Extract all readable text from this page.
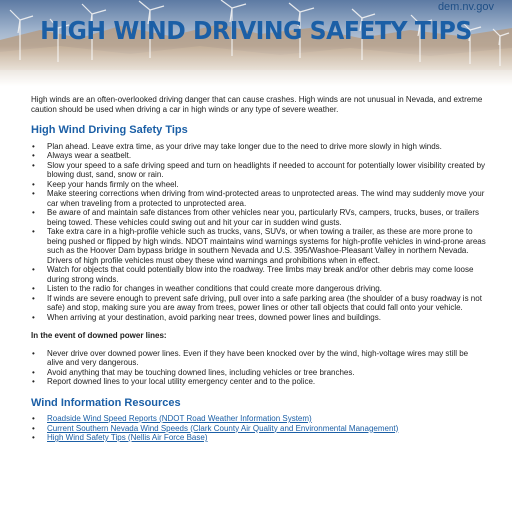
dem.nv.gov
HIGH WIND DRIVING SAFETY TIPS

High winds are an often-overlooked driving danger that can cause crashes. High winds are not unusual in Nevada, and extreme caution should be used when driving a car in high winds or any type of severe weather.

High Wind Driving Safety Tips
• Plan ahead. Leave extra time, as your drive may take longer due to the need to drive more slowly in high winds.
• Always wear a seatbelt.
• Slow your speed to a safe driving speed and turn on headlights if needed to account for potentially lower visibility created by blowing dust, sand, snow or rain.
• Keep your hands firmly on the wheel.
• Make steering corrections when driving from wind-protected areas to unprotected areas. The wind may suddenly move your car when traveling from a protected to unprotected area.
• Be aware of and maintain safe distances from other vehicles near you, particularly RVs, campers, trucks, buses, or trailers being towed. These vehicles could swing out and hit your car in sudden wind gusts.
• Take extra care in a high-profile vehicle such as trucks, vans, SUVs, or when towing a trailer, as these are more prone to being pushed or flipped by high winds. NDOT maintains wind warnings systems for high-profile vehicles in wind-prone areas such as the Hoover Dam bypass bridge in southern Nevada and U.S. 395/Washoe-Pleasant Valley in northern Nevada. Drivers of high profile vehicles must obey these wind warnings and prohibitions when in effect.
• Watch for objects that could potentially blow into the roadway. Tree limbs may break and/or other debris may come loose during strong winds.
• Listen to the radio for changes in weather conditions that could create more dangerous driving.
• If winds are severe enough to prevent safe driving, pull over into a safe parking area (the shoulder of a busy roadway is not safe) and stop, making sure you are away from trees, power lines or other tall objects that could fall onto your vehicle.
• When arriving at your destination, avoid parking near trees, downed power lines and buildings.
In the event of downed power lines:
• Never drive over downed power lines. Even if they have been knocked over by the wind, high-voltage wires may still be alive and very dangerous.
• Avoid anything that may be touching downed lines, including vehicles or tree branches.
• Report downed lines to your local utility emergency center and to the police.
Wind Information Resources
• Roadside Wind Speed Reports (NDOT Road Weather Information System)
• Current Southern Nevada Wind Speeds (Clark County Air Quality and Environmental Management)
• High Wind Safety Tips (Nellis Air Force Base)
